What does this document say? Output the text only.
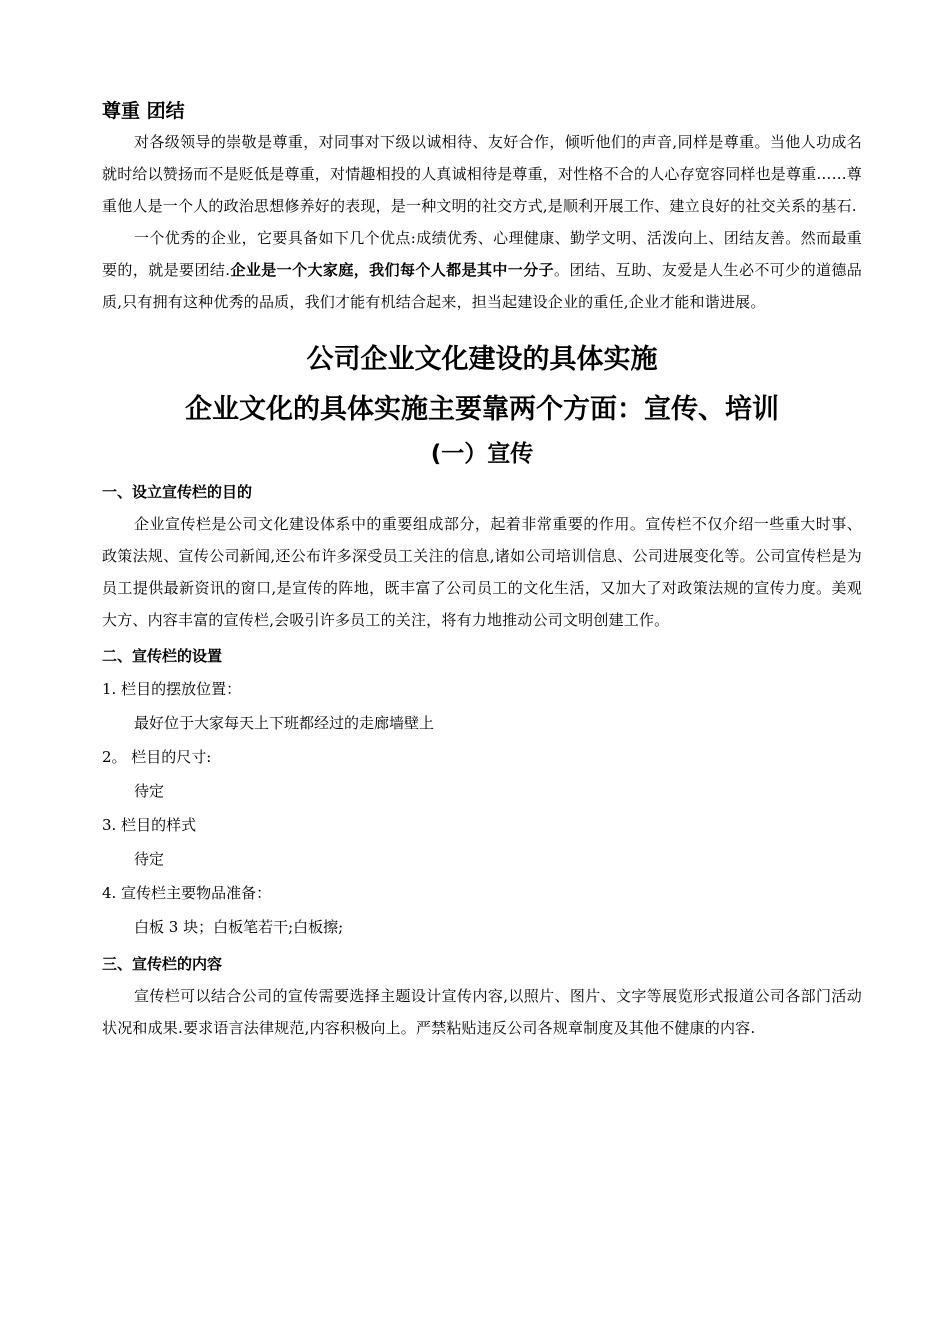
尊重 团结

对各级领导的崇敬是尊重，对同事对下级以诚相待、友好合作，倾听他们的声音,同样是尊重。当他人功成名就时给以赞扬而不是贬低是尊重，对情趣相投的人真诚相待是尊重，对性格不合的人心存宽容同样也是尊重……尊重他人是一个人的政治思想修养好的表现，是一种文明的社交方式,是顺利开展工作、建立良好的社交关系的基石.

一个优秀的企业，它要具备如下几个优点:成绩优秀、心理健康、勤学文明、活泼向上、团结友善。然而最重要的，就是要团结.企业是一个大家庭，我们每个人都是其中一分子。团结、互助、友爱是人生必不可少的道德品质,只有拥有这种优秀的品质，我们才能有机结合起来，担当起建设企业的重任,企业才能和谐进展。

公司企业文化建设的具体实施
企业文化的具体实施主要靠两个方面：宣传、培训
(一）宣传
一、设立宣传栏的目的

企业宣传栏是公司文化建设体系中的重要组成部分，起着非常重要的作用。宣传栏不仅介绍一些重大时事、政策法规、宣传公司新闻,还公布许多深受员工关注的信息,诸如公司培训信息、公司进展变化等。公司宣传栏是为员工提供最新资讯的窗口,是宣传的阵地，既丰富了公司员工的文化生活，又加大了对政策法规的宣传力度。美观大方、内容丰富的宣传栏,会吸引许多员工的关注，将有力地推动公司文明创建工作。

二、宣传栏的设置
1. 栏目的摆放位置：
最好位于大家每天上下班都经过的走廊墙壁上
2。 栏目的尺寸:
待定
3. 栏目的样式
待定
4. 宣传栏主要物品准备：
白板 3 块；白板笔若干;白板擦;
三、宣传栏的内容

宣传栏可以结合公司的宣传需要选择主题设计宣传内容,以照片、图片、文字等展览形式报道公司各部门活动状况和成果.要求语言法律规范,内容积极向上。严禁粘贴违反公司各规章制度及其他不健康的内容.
